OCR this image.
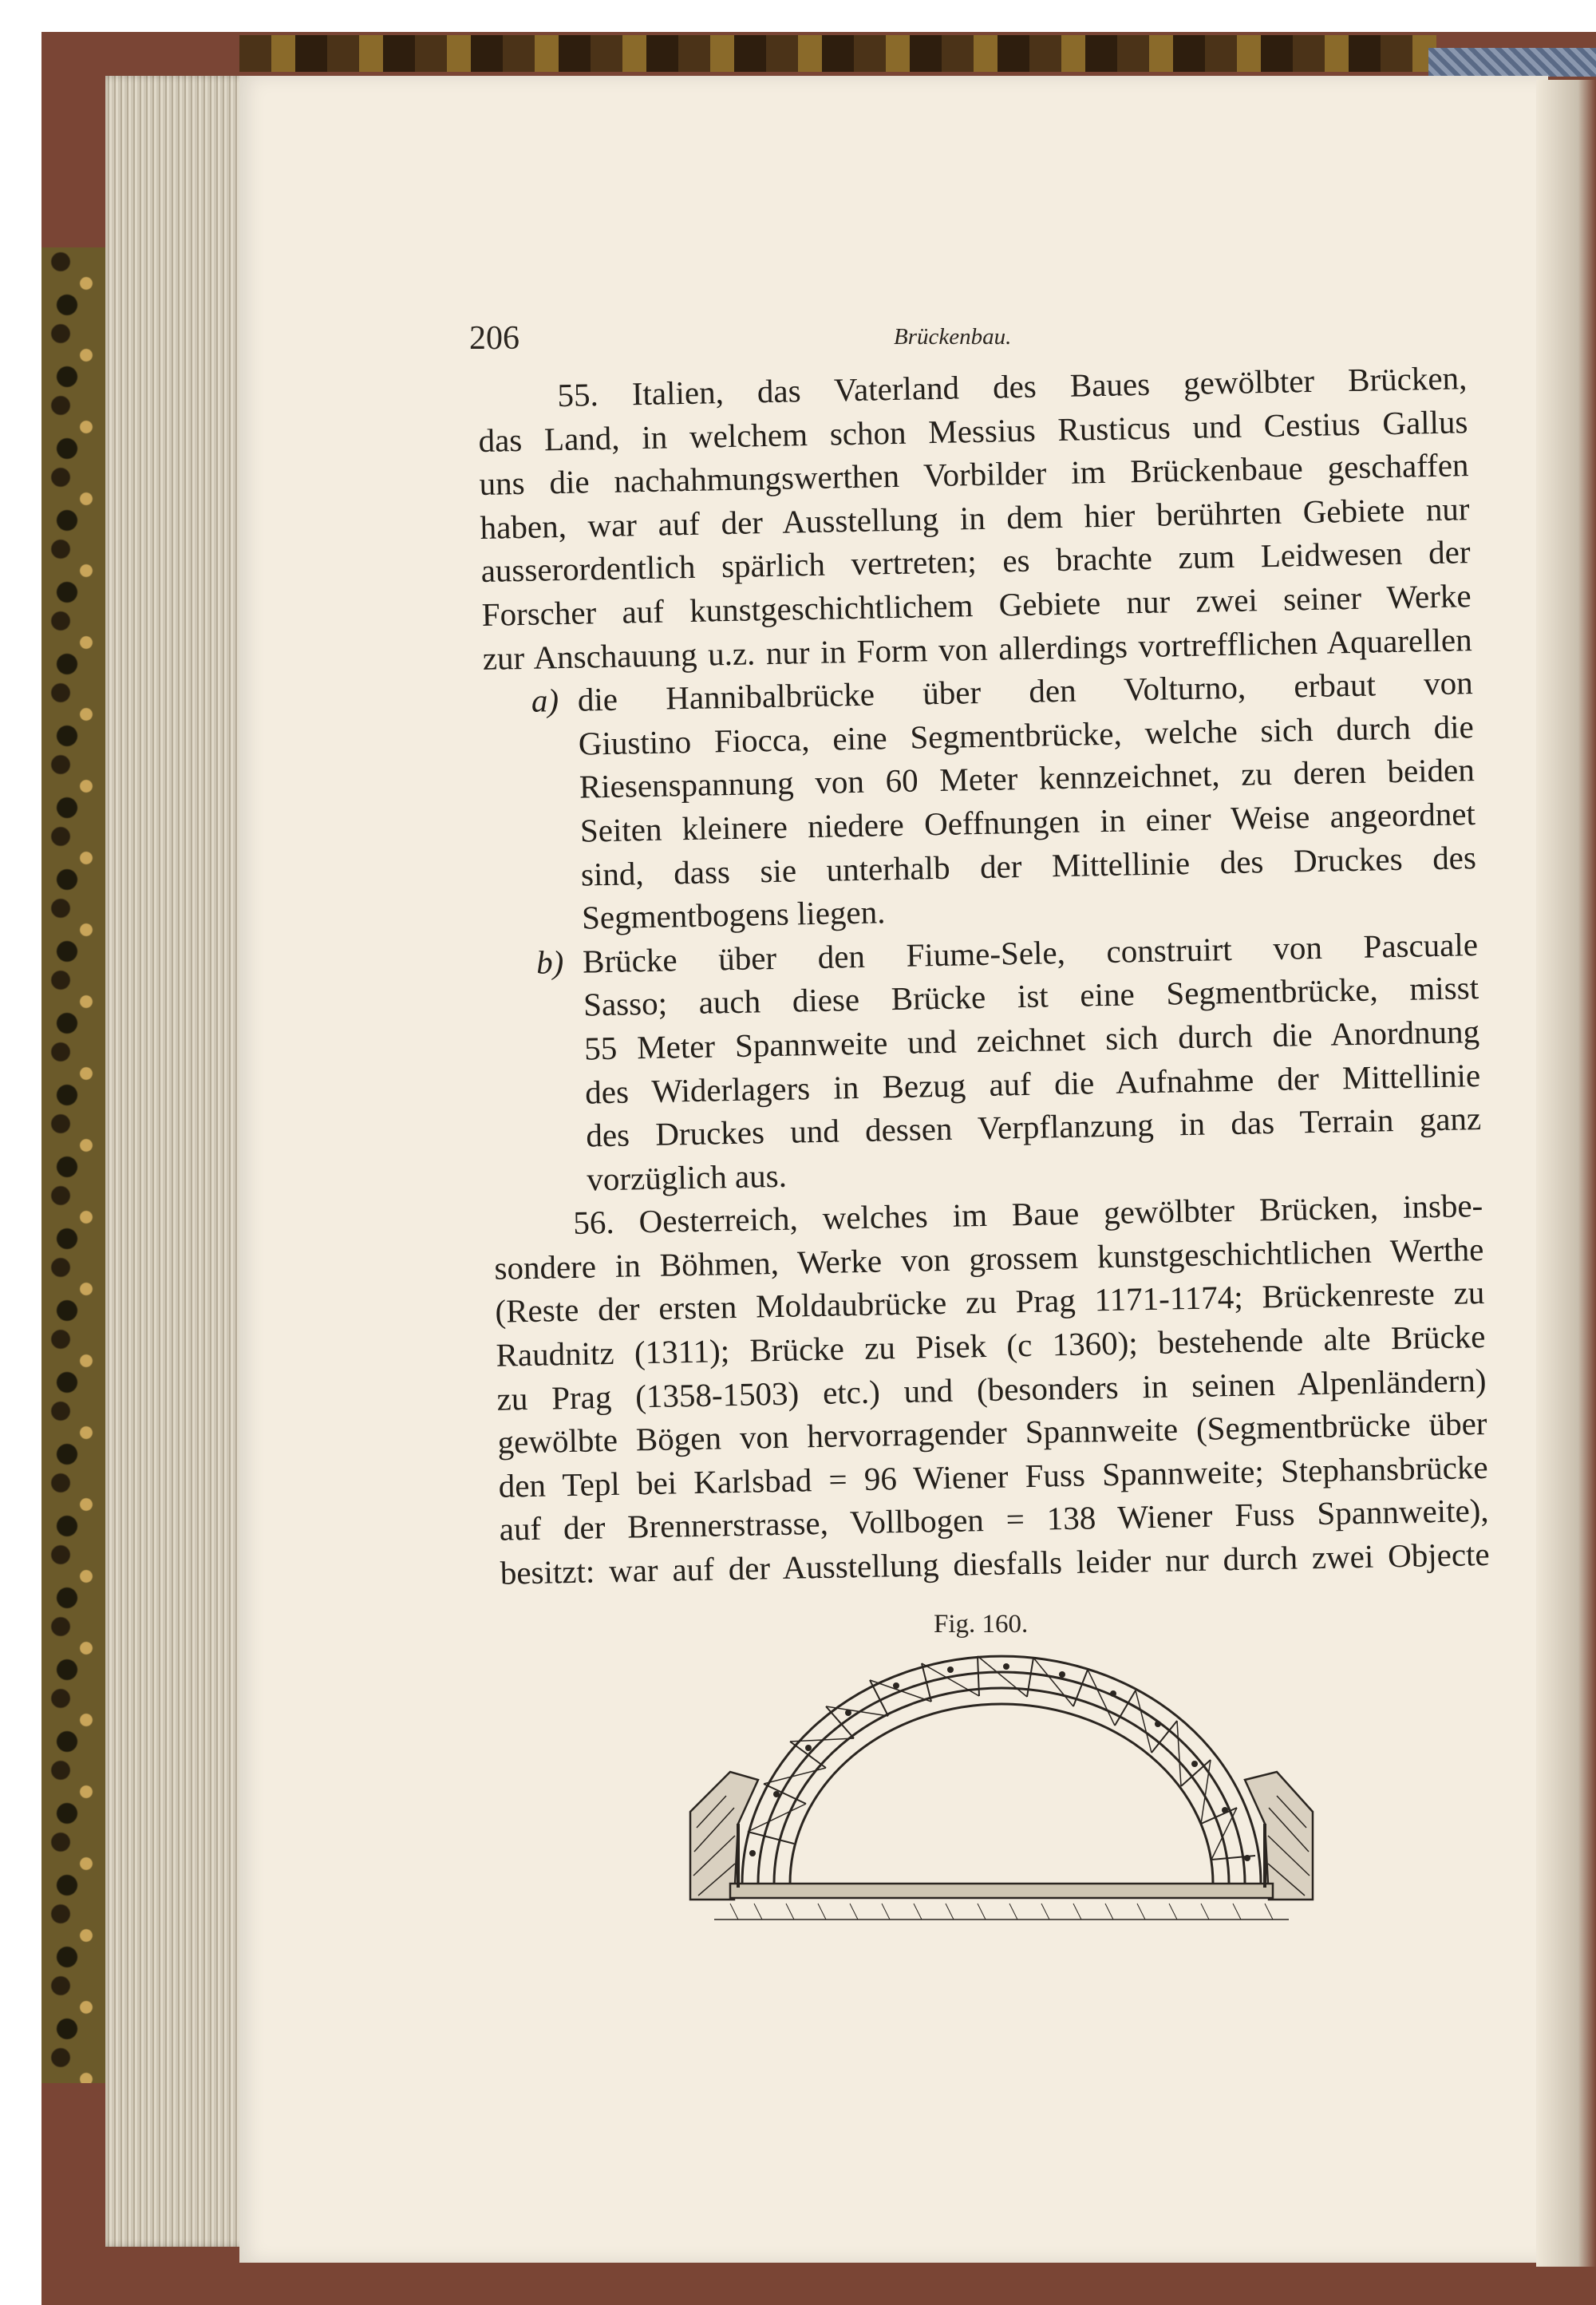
206	Brückenbau.
55. Italien, das Vaterland des Baues gewölbter Brücken,
das Land, in welchem schon Messius Rusticus und Cestius Gallus
uns die nachahmungswerthen Vorbilder im Brückenbaue geschaffen
haben, war auf der Ausstellung in dem hier berührten Gebiete nur
ausserordentlich spärlich vertreten; es brachte zum Leidwesen der
Forscher auf kunstgeschichtlichem Gebiete nur zwei seiner Werke
zur Anschauung u.z. nur in Form von allerdings vortrefflichen Aquarellen
a) die Hannibalbrücke über den Volturno, erbaut von
Giustino Fiocca, eine Segmentbrücke, welche sich durch die
Riesenspannung von 60 Meter kennzeichnet, zu deren beiden
Seiten kleinere niedere Oeffnungen in einer Weise angeordnet
sind, dass sie unterhalb der Mittellinie des Druckes des
Segmentbogens liegen.
b) Brücke über den Fiume-Sele, construirt von Pascuale
Sasso; auch diese Brücke ist eine Segmentbrücke, misst
55 Meter Spannweite und zeichnet sich durch die Anordnung
des Widerlagers in Bezug auf die Aufnahme der Mittellinie
des Druckes und dessen Verpflanzung in das Terrain ganz
vorzüglich aus.
56. Oesterreich, welches im Baue gewölbter Brücken, insbe-
sondere in Böhmen, Werke von grossem kunstgeschichtlichen Werthe
(Reste der ersten Moldaubrücke zu Prag 1171-1174; Brückenreste zu
Raudnitz (1311); Brücke zu Pisek (c 1360); bestehende alte Brücke
zu Prag (1358-1503) etc.) und (besonders in seinen Alpenländern)
gewölbte Bögen von hervorragender Spannweite (Segmentbrücke über
den Tepl bei Karlsbad = 96 Wiener Fuss Spannweite; Stephansbrücke
auf der Brennerstrasse, Vollbogen = 138 Wiener Fuss Spannweite),
besitzt: war auf der Ausstellung diesfalls leider nur durch zwei Objecte
Fig. 160.
